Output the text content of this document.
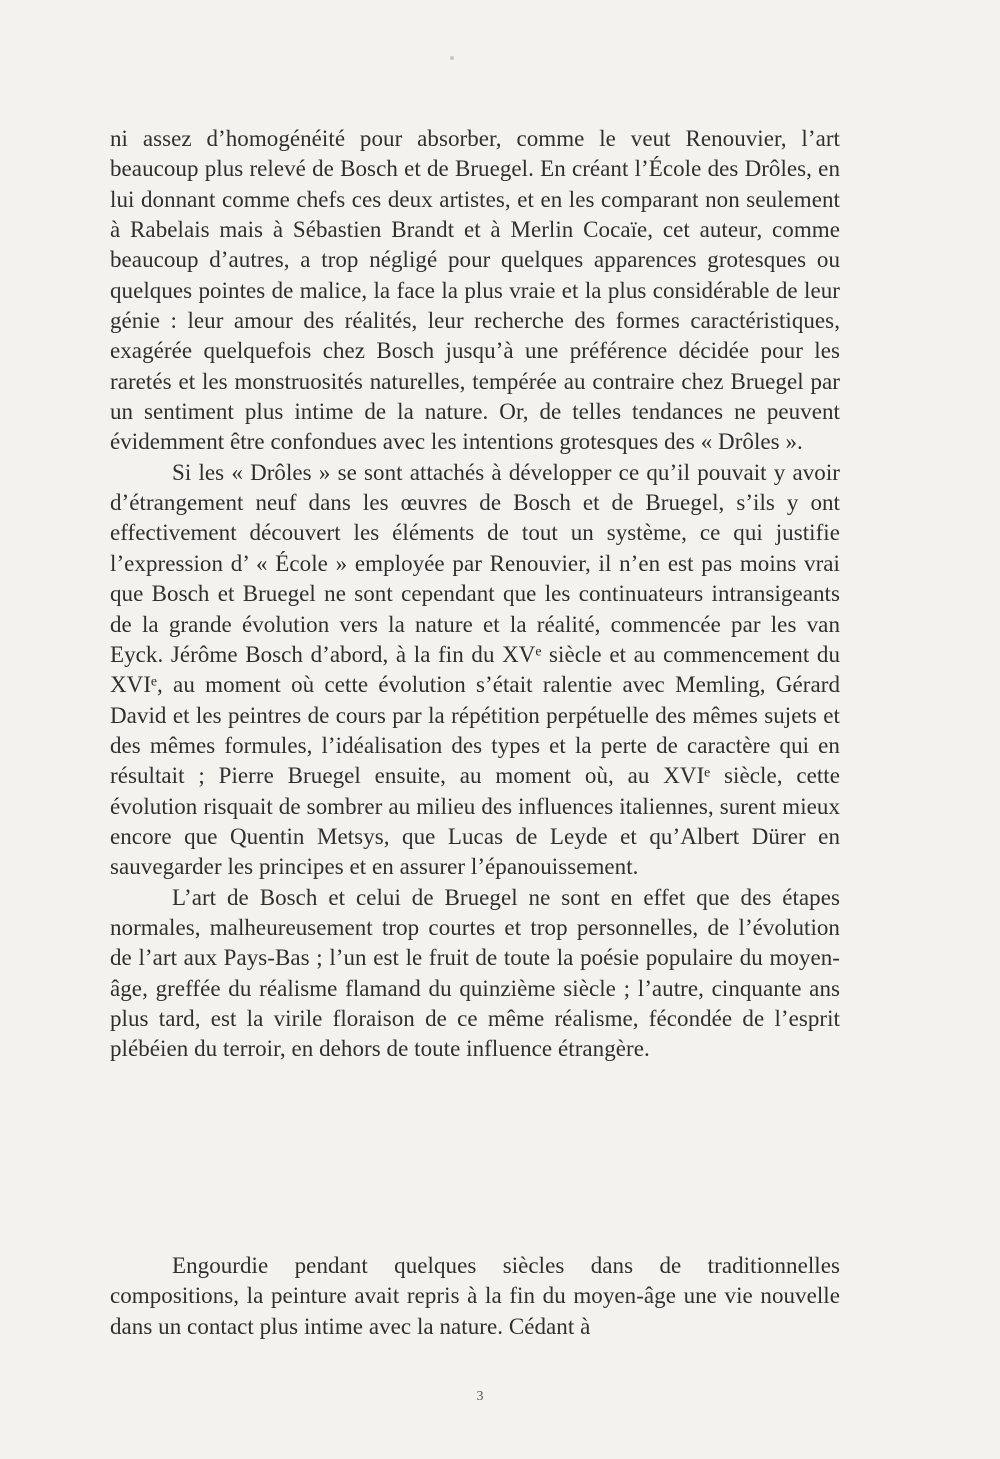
ni assez d’homogénéité pour absorber, comme le veut Renouvier, l’art beaucoup plus relevé de Bosch et de Bruegel. En créant l’École des Drôles, en lui donnant comme chefs ces deux artistes, et en les comparant non seulement à Rabelais mais à Sébastien Brandt et à Merlin Cocaïe, cet auteur, comme beaucoup d’autres, a trop négligé pour quelques apparences grotesques ou quelques pointes de malice, la face la plus vraie et la plus considérable de leur génie : leur amour des réalités, leur recherche des formes caractéristiques, exagérée quelquefois chez Bosch jusqu’à une préférence décidée pour les raretés et les monstruosités naturelles, tempérée au contraire chez Bruegel par un sentiment plus intime de la nature. Or, de telles tendances ne peuvent évidemment être confondues avec les intentions grotesques des « Drôles ».

Si les « Drôles » se sont attachés à développer ce qu’il pouvait y avoir d’étrangement neuf dans les œuvres de Bosch et de Bruegel, s’ils y ont effectivement découvert les éléments de tout un système, ce qui justifie l’expression d’ « École » employée par Renouvier, il n’en est pas moins vrai que Bosch et Bruegel ne sont cependant que les continuateurs intransigeants de la grande évolution vers la nature et la réalité, commencée par les van Eyck. Jérôme Bosch d’abord, à la fin du XVᵉ siècle et au commencement du XVIᵉ, au moment où cette évolution s’était ralentie avec Memling, Gérard David et les peintres de cours par la répétition perpétuelle des mêmes sujets et des mêmes formules, l’idéalisation des types et la perte de caractère qui en résultait ; Pierre Bruegel ensuite, au moment où, au XVIᵉ siècle, cette évolution risquait de sombrer au milieu des influences italiennes, surent mieux encore que Quentin Metsys, que Lucas de Leyde et qu’Albert Dürer en sauvegarder les principes et en assurer l’épanouissement.

L’art de Bosch et celui de Bruegel ne sont en effet que des étapes normales, malheureusement trop courtes et trop personnelles, de l’évolution de l’art aux Pays-Bas ; l’un est le fruit de toute la poésie populaire du moyen-âge, greffée du réalisme flamand du quinzième siècle ; l’autre, cinquante ans plus tard, est la virile floraison de ce même réalisme, fécondée de l’esprit plébéien du terroir, en dehors de toute influence étrangère.

Engourdie pendant quelques siècles dans de traditionnelles compositions, la peinture avait repris à la fin du moyen-âge une vie nouvelle dans un contact plus intime avec la nature. Cédant à

3
